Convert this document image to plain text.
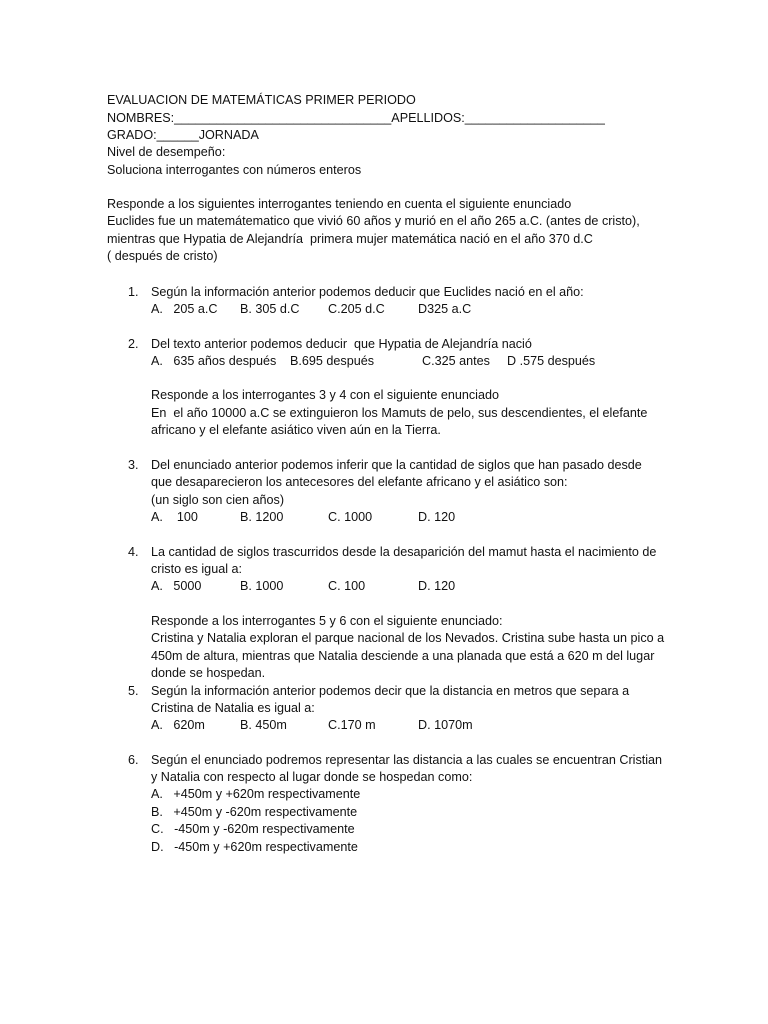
EVALUACION DE MATEMÁTICAS PRIMER PERIODO
NOMBRES:_______________________________APELLIDOS:____________________
GRADO:______JORNADA
Nivel de desempeño:
Soluciona interrogantes con números enteros
Responde a los siguientes interrogantes teniendo en cuenta el siguiente enunciado
Euclides fue un matemátematico que vivió 60 años y murió en el año 265 a.C. (antes de cristo),
mientras que Hypatia de Alejandría  primera mujer matemática nació en el año 370 d.C
( después de cristo)
1. Según la información anterior podemos deducir que Euclides nació en el año:
A.   205 a.C B. 305 d.C C.205 d.C	D325 a.C
2. Del texto anterior podemos deducir  que Hypatia de Alejandría nació
A.   635 años después B.695 después	C.325 antes D .575 después
Responde a los interrogantes 3 y 4 con el siguiente enunciado
En  el año 10000 a.C se extinguieron los Mamuts de pelo, sus descendientes, el elefante
africano y el elefante asiático viven aún en la Tierra.
3. Del enunciado anterior podemos inferir que la cantidad de siglos que han pasado desde
que desaparecieron los antecesores del elefante africano y el asiático son:
(un siglo son cien años)
A.    100	B. 1200	C. 1000	D. 120
4. La cantidad de siglos trascurridos desde la desaparición del mamut hasta el nacimiento de
cristo es igual a:
A.   5000	B. 1000	C. 100	D. 120
Responde a los interrogantes 5 y 6 con el siguiente enunciado:
Cristina y Natalia exploran el parque nacional de los Nevados. Cristina sube hasta un pico a
450m de altura, mientras que Natalia desciende a una planada que está a 620 m del lugar
donde se hospedan.
5. Según la información anterior podemos decir que la distancia en metros que separa a
Cristina de Natalia es igual a:
A.   620m	B. 450m	C.170 m	D. 1070m
6. Según el enunciado podremos representar las distancia a las cuales se encuentran Cristian
y Natalia con respecto al lugar donde se hospedan como:
A.   +450m y +620m respectivamente
B.   +450m y -620m respectivamente
C.   -450m y -620m respectivamente
D.   -450m y +620m respectivamente
